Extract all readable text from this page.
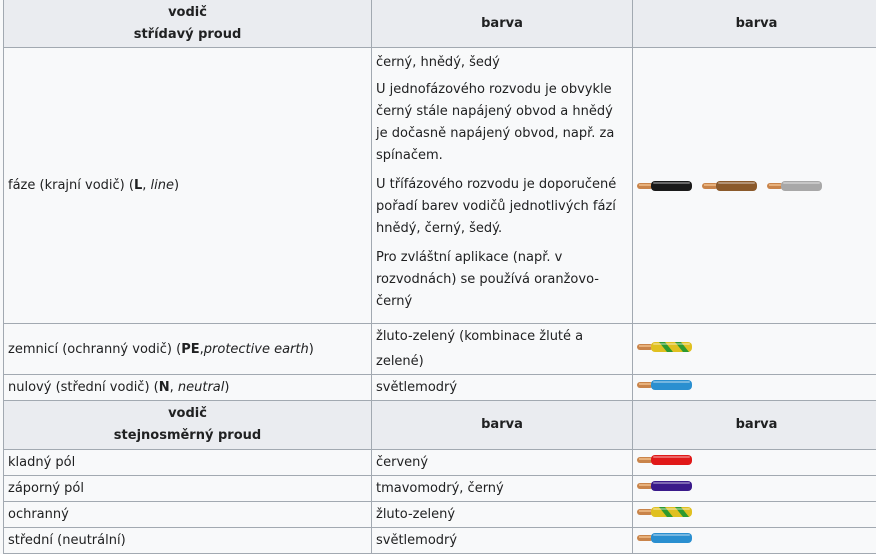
vodič
střídavý proud	barva	barva
fáze (krajní vodič) (L, line)	černý, hnědý, šedý

U jednofázového rozvodu je obvykle černý stále napájený obvod a hnědý je dočasně napájený obvod, např. za spínačem.

U třífázového rozvodu je doporučené pořadí barev vodičů jednotlivých fází hnědý, černý, šedý.

Pro zvláštní aplikace (např. v rozvodnách) se používá oranžovo-černý

zemnicí (ochranný vodič) (PE,protective earth)	žluto-zelený (kombinace žluté a zelené)	

nulový (střední vodič) (N, neutral)	světlemodrý	

vodič
stejnosměrný proud	barva	barva
kladný pól	červený	

záporný pól	tmavomodrý, černý	

ochranný	žluto-zelený	

střední (neutrální)	světlemodrý	
